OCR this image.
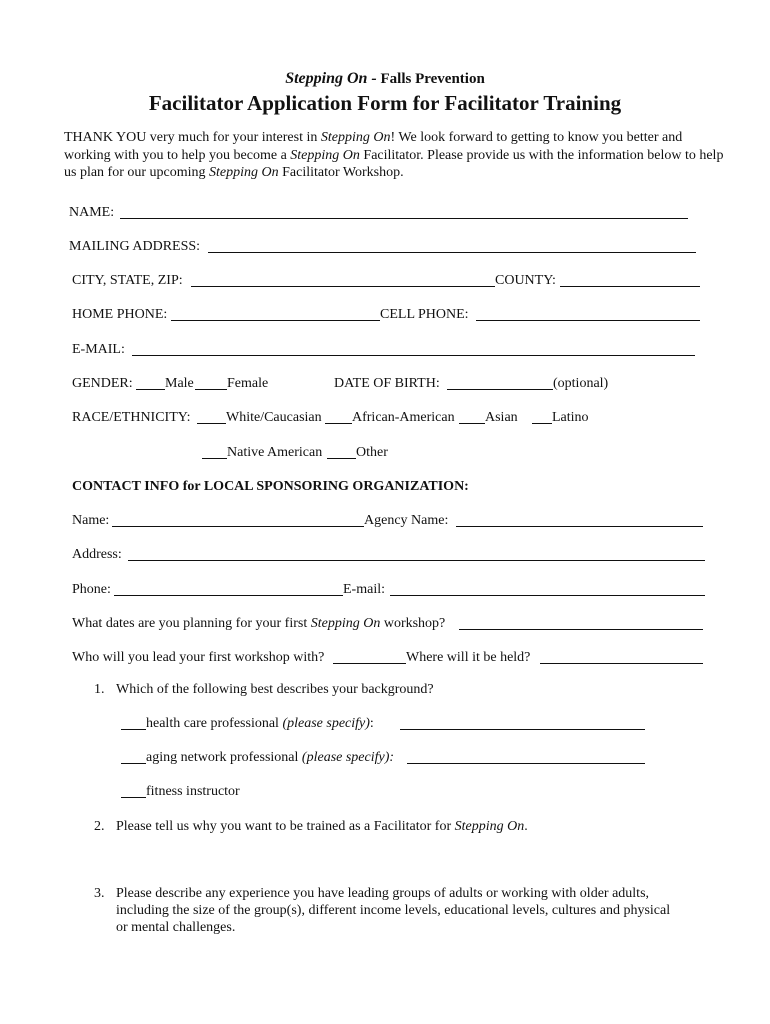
Stepping On - Falls Prevention
Facilitator Application Form for Facilitator Training
THANK YOU very much for your interest in Stepping On! We look forward to getting to know you better and working with you to help you become a Stepping On Facilitator. Please provide us with the information below to help us plan for our upcoming Stepping On Facilitator Workshop.
NAME:
MAILING ADDRESS:
CITY, STATE, ZIP:	COUNTY:
HOME PHONE:	CELL PHONE:
E-MAIL:
GENDER: Male Female	DATE OF BIRTH:	(optional)
RACE/ETHNICITY:	White/Caucasian African-American Asian Latino
Native American Other
CONTACT INFO for LOCAL SPONSORING ORGANIZATION:
Name:	Agency Name:
Address:
Phone:	E-mail:
What dates are you planning for your first Stepping On workshop?
Who will you lead your first workshop with?	Where will it be held?
1. Which of the following best describes your background?
health care professional (please specify):
aging network professional (please specify):
fitness instructor
2. Please tell us why you want to be trained as a Facilitator for Stepping On.
3. Please describe any experience you have leading groups of adults or working with older adults,
including the size of the group(s), different income levels, educational levels, cultures and physical
or mental challenges.
